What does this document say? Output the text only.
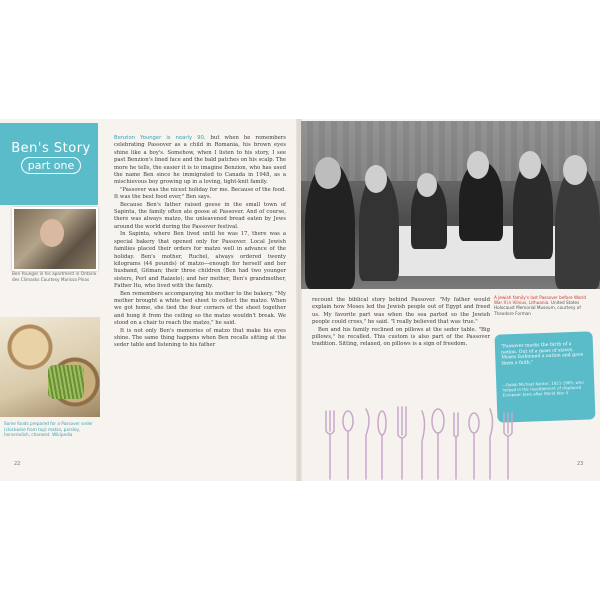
Ben's Story
part one
Ben Younger in his apartment in Ontario des Climasks Courtesy Marissa Pinas
Some foods prepared for a Passover seder (clockwise from top) matzo, parsley, horseradish, charoset. Wikipedia

Benzion Younger is nearly 90, but when he remembers celebrating Passover as a child in Romania, his brown eyes shine like a boy's. Somehow, when I listen to his story, I see past Benzion's lined face and the bald patches on his scalp. The more he tells, the easier it is to imagine Benzion, who has used the name Ben since he immigrated to Canada in 1948, as a mischievous boy growing up in a loving, tight-knit family.

"Passover was the nicest holiday for me. Because of the food. It was the best food ever," Ben says.

Because Ben's father raised geese in the small town of Sapinta, the family often ate goose at Passover. And of course, there was always matzo, the unleavened bread eaten by Jews around the world during the Passover festival.

In Sapinta, where Ben lived until he was 17, there was a special bakery that opened only for Passover. Local Jewish families placed their orders for matzo well in advance of the holiday. Ben's mother, Ruchel, always ordered twenty kilograms (44 pounds) of matzo—enough for herself and her husband, Gitman; their three children (Ben had two younger sisters, Perl and Raizele); and her mother, Ben's grandmother, Father Itu, who lived with the family.

Ben remembers accompanying his mother to the bakery. "My mother brought a white bed sheet to collect the matzo. When we got home, she tied the four corners of the sheet together and hung it from the ceiling so the matzo wouldn't break. We stood on a chair to reach the matzo," he said.

It is not only Ben's memories of matzo that make his eyes shine. The same thing happens when Ben recalls sitting at the seder table and listening to his father

22

recount the biblical story behind Passover. "My father would explain how Moses led the Jewish people out of Egypt and freed us. My favorite part was when the sea parted so the Jewish people could cross," he said. "I really believed that was true."

Ben and his family reclined on pillows at the seder table. "Big pillows," he recalled. This custom is also part of the Passover tradition. Sitting, relaxed, on pillows is a sign of freedom.

A Jewish family's last Passover before World War II in Vilnius, Lithuania. United States Holocaust Memorial Museum, courtesy of Theodore Forman
"Passover marks the birth of a nation. Out of a mass of slaves, Moses fashioned a nation and gave them a faith."
—Rabbi Michael Kantor, 1921-1985, who helped in the resettlement of displaced European Jews after World War II
23
